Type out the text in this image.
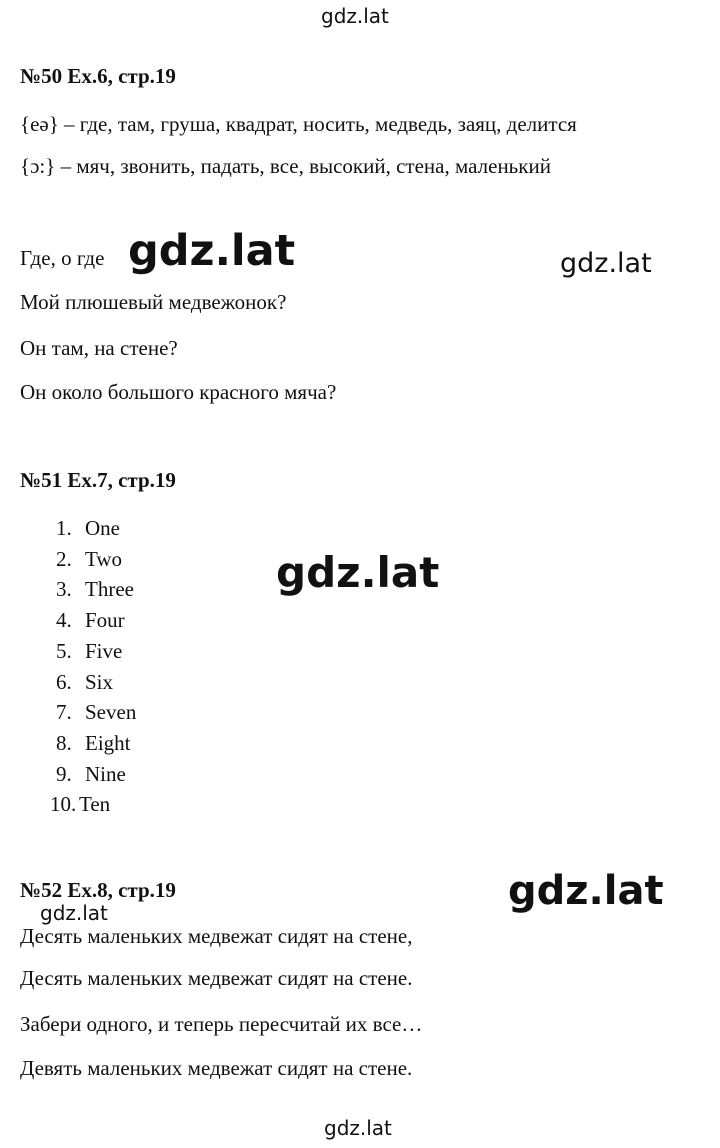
gdz.lat
№50 Ex.6, стр.19
{eə} – где, там, груша, квадрат, носить, медведь, заяц, делится
{ɔ:} – мяч, звонить, падать, все, высокий, стена, маленький
Где, о где gdz.lat	gdz.lat
Мой плюшевый медвежонок?
Он там, на стене?
Он около большого красного мяча?
№51 Ex.7, стр.19
1. One
2. Two
3. Three
4. Four
5. Five
6. Six
7. Seven
8. Eight
9. Nine
10. Ten
gdz.lat
№52 Ex.8, стр.19
gdz.lat	gdz.lat
Десять маленьких медвежат сидят на стене,
Десять маленьких медвежат сидят на стене.
Забери одного, и теперь пересчитай их все…
Девять маленьких медвежат сидят на стене.
gdz.lat
